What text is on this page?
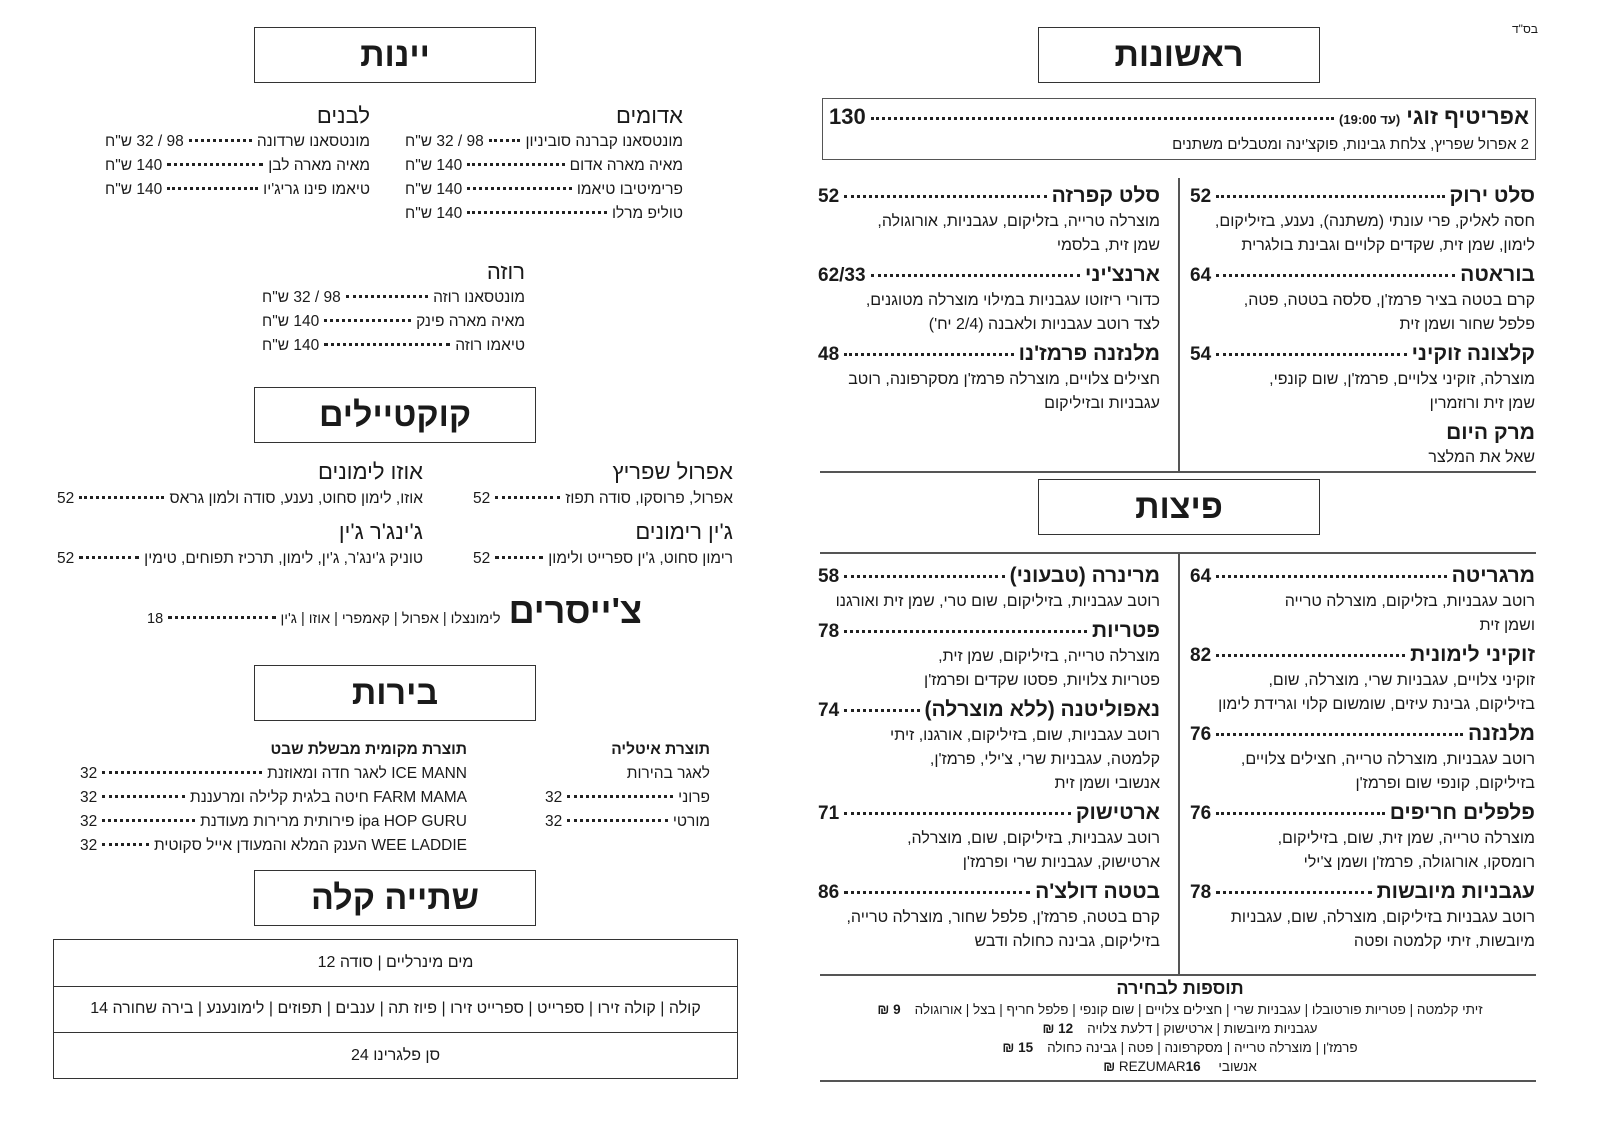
בס"ד
ראשונות
אפריטיף זוגי
(עד 19:00)
130
2 אפרול שפריץ, צלחת גבינות, פוקצ'ינה ומטבלים משתנים
סלט ירוק
52
חסה לאליק, פרי עונתי (משתנה), נענע, בזיליקום,
לימון, שמן זית, שקדים קלויים וגבינת בולגרית
בוראטה
64
קרם בטטה בציר פרמז'ן, סלסה בטטה, פטה,
פלפל שחור ושמן זית
קלצונה זוקיני
54
מוצרלה, זוקיני צלויים, פרמז'ן, שום קונפי,
שמן זית ורוזמרין
מרק היום
שאל את המלצר
סלט קפרזה
52
מוצרלה טרייה, בזליקום, עגבניות, אורוגולה,
שמן זית, בלסמי
ארנצ'יני
62/33
כדורי ריזוטו עגבניות במילוי מוצרלה מטוגנים,
לצד רוטב עגבניות ולאבנה (2/4 יח')
מלנזנה פרמז'נו
48
חצילים צלויים, מוצרלה פרמז'ן מסקרפונה, רוטב
עגבניות ובזיליקום
פיצות
מרגריטה
64
רוטב עגבניות, בזליקום, מוצרלה טרייה
ושמן זית
זוקיני לימונית
82
זוקיני צלויים, עגבניות שרי, מוצרלה, שום,
בזיליקום, גבינת עיזים, שומשום קלוי וגרידת לימון
מלנזנה
76
רוטב עגבניות, מוצרלה טרייה, חצילים צלויים,
בזיליקום, קונפי שום ופרמז'ן
פלפלים חריפים
76
מוצרלה טרייה, שמן זית, שום, בזיליקום,
רומסקו, אורוגולה, פרמז'ן ושמן צ'ילי
עגבניות מיובשות
78
רוטב עגבניות בזיליקום, מוצרלה, שום, עגבניות
מיובשות, זיתי קלמטה ופטה
מרינרה (טבעוני)
58
רוטב עגבניות, בזיליקום, שום טרי, שמן זית ואורגנו
פטריות
78
מוצרלה טרייה, בזיליקום, שמן זית,
פטריות צלויות, פסטו שקדים ופרמז'ן
נאפוליטנה (ללא מוצרלה)
74
רוטב עגבניות, שום, בזיליקום, אורגנו, זיתי
קלמטה, עגבניות שרי, צ'ילי, פרמז'ן,
אנשובי ושמן זית
ארטישוק
71
רוטב עגבניות, בזיליקום, שום, מוצרלה,
ארטישוק, עגבניות שרי ופרמז'ן
בטטה דולצ'ה
86
קרם בטטה, פרמז'ן, פלפל שחור, מוצרלה טרייה,
בזיליקום, גבינה כחולה ודבש
תוספות לבחירה
זיתי קלמטה | פטריות פורטובלו | עגבניות שרי | חצילים צלויים | שום קונפי | פלפל חריף | בצל | אורוגולה9 ₪
עגבניות מיובשות | ארטישוק | דלעת צלויה12 ₪
פרמז'ן | מוצרלה טרייה | מסקרפונה | פטה | גבינה כחולה15 ₪
אנשובי REZUMAR16 ₪
יינות
אדומים
מונטסאנו קברנה סוביניון
98 / 32 ש"ח
מאיה מארה אדום
140 ש"ח
פרימיטיבו טיאמו
140 ש"ח
טוליפ מרלו
140 ש"ח
לבנים
מונטסאנו שרדונה
98 / 32 ש"ח
מאיה מארה לבן
140 ש"ח
טיאמו פינו גריג'יו
140 ש"ח
רוזה
מונטסאנו רוזה
98 / 32 ש"ח
מאיה מארה פינק
140 ש"ח
טיאמו רוזה
140 ש"ח
קוקטיילים
אפרול שפריץ
אפרול, פרוסקו, סודה תפוז
52
ג'ין רימונים
רימון סחוט, ג'ין ספרייט ולימון
52
אוזו לימונים
אוזו, לימון סחוט, נענע, סודה ולמון גראס
52
ג'ינג'ר ג'ין
טוניק ג'ינג'ר, ג'ין, לימון, תרכיז תפוחים, טימין
52
צ'ייסרים
לימונצלו | אפרול | קאמפרי | אוזו | ג'ין
18
בירות
תוצרת איטליה
לאגר בהירות
פרוני
32
מורטי
32
תוצרת מקומית מבשלת שבט
ICE MANN לאגר חדה ומאוזנת
32
FARM MAMA חיטה בלגית קלילה ומרעננת
32
ipa HOP GURU פירותית מרירות מעודנת
32
WEE LADDIE הענק המלא והמעודן אייל סקוטית
32
שתייה קלה
מים מינרליים | סודה 12
קולה | קולה זירו | ספרייט | ספרייט זירו | פיוז תה | ענבים | תפוזים | לימונענע | בירה שחורה 14
סן פלגרינו 24
